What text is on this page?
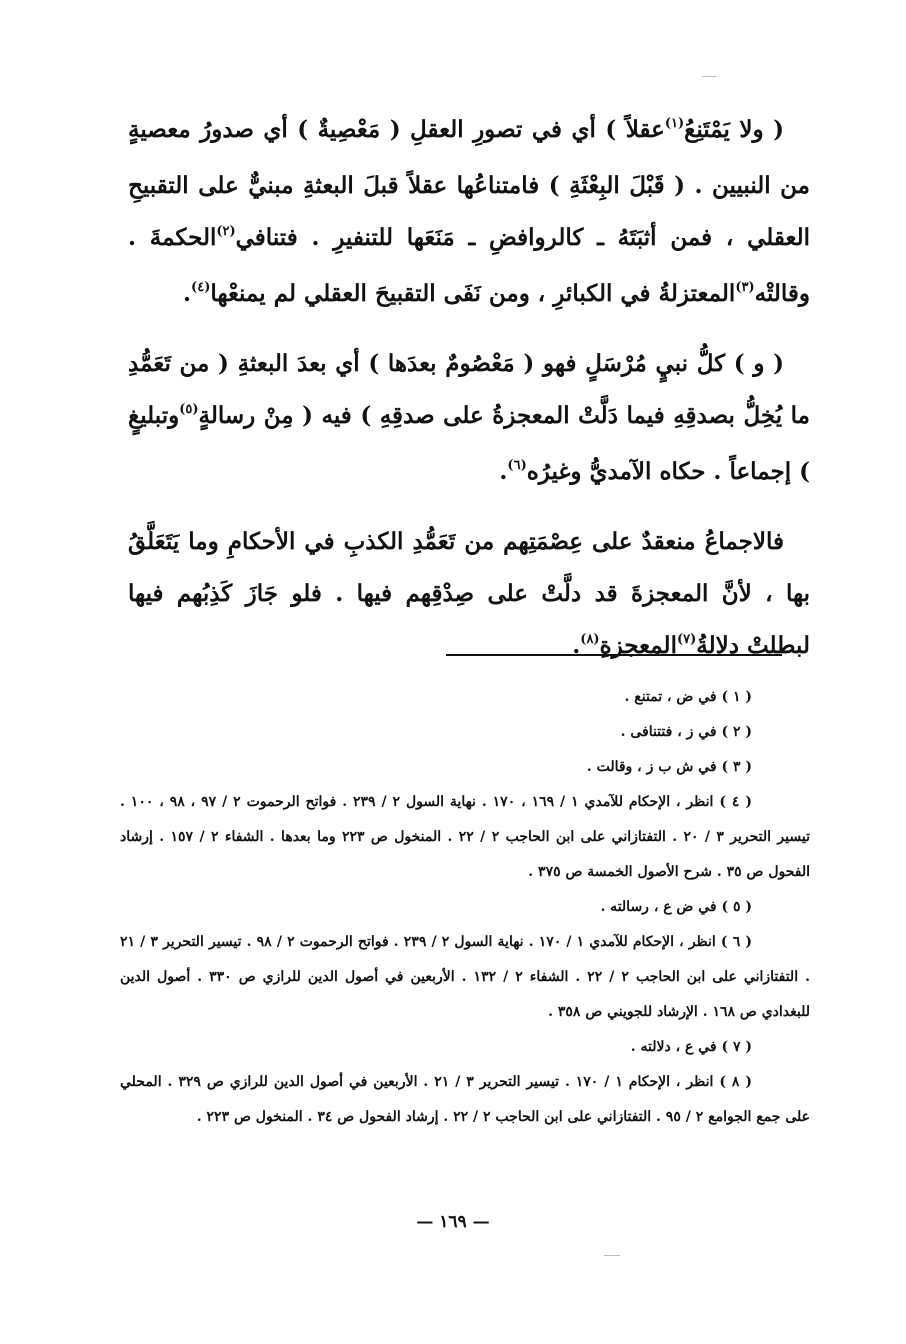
( ولا يَمْتَنِعُ$^{(١)}$عقلاً ) أي في تصورِ العقلِ ( مَعْصِيةٌ ) أي صدورُ معصيةٍ من النبيين . ( قَبْلَ البِعْثَةِ ) فامتناعُها عقلاً قبلَ البعثةِ مبنيٌّ على التقبيحِ العقلي ، فمن أثبَتَهُ ـ كالروافضِ ـ مَنَعَها للتنفيرِ . فتنافي$^{(٢)}$الحكمةَ . وقالتْه$^{(٣)}$المعتزلةُ في الكبائرِ ، ومن نَفَى التقبيحَ العقلي لم يمنعْها$^{(٤)}$.

( و ) كلُّ نبيٍ مُرْسَلٍ فهو ( مَعْصُومٌ بعدَها ) أي بعدَ البعثةِ ( من تَعَمُّدِ ما يُخِلُّ بصدقِهِ فيما دَلَّتْ المعجزةُ على صدقِهِ ) فيه ( مِنْ رسالةٍ$^{(٥)}$وتبليغٍ ) إجماعاً . حكاه الآمديُّ وغيرُه$^{(٦)}$.

فالاجماعُ منعقدٌ على عِصْمَتِهم من تَعَمُّدِ الكذبِ في الأحكامِ وما يَتَعَلَّقُ بها ، لأنَّ المعجزةَ قد دلَّتْ على صِدْقِهم فيها . فلو جَازَ كَذِبُهم فيها لبطلتْ دلالةُ$^{(٧)}$المعجزةِ$^{(٨)}$.

( ١ ) في ض ، تمتنع .

( ٢ ) في ز ، فتتنافى .

( ٣ ) في ش ب ز ، وقالت .

( ٤ ) انظر ، الإحكام للآمدي ١ / ١٦٩ ، ١٧٠ . نهاية السول ٢ / ٢٣٩ . فواتح الرحموت ٢ / ٩٧ ، ٩٨ ، ١٠٠ . تيسير التحرير ٣ / ٢٠ . التفتازاني على ابن الحاجب ٢ / ٢٢ . المنخول ص ٢٢٣ وما بعدها . الشفاء ٢ / ١٥٧ . إرشاد الفحول ص ٣٥ . شرح الأصول الخمسة ص ٣٧٥ .

( ٥ ) في ض ع ، رسالته .

( ٦ ) انظر ، الإحكام للآمدي ١ / ١٧٠ . نهاية السول ٢ / ٢٣٩ . فواتح الرحموت ٢ / ٩٨ . تيسير التحرير ٣ / ٢١ . التفتازاني على ابن الحاجب ٢ / ٢٢ . الشفاء ٢ / ١٣٢ . الأربعين في أصول الدين للرازي ص ٣٣٠ . أصول الدين للبغدادي ص ١٦٨ . الإرشاد للجويني ص ٣٥٨ .

( ٧ ) في ع ، دلالته .

( ٨ ) انظر ، الإحكام ١ / ١٧٠ . تيسير التحرير ٣ / ٢١ . الأربعين في أصول الدين للرازي ص ٣٢٩ . المحلي على جمع الجوامع ٢ / ٩٥ . التفتازاني على ابن الحاجب ٢ / ٢٢ . إرشاد الفحول ص ٣٤ . المنخول ص ٢٢٣ .

— ١٦٩ —
